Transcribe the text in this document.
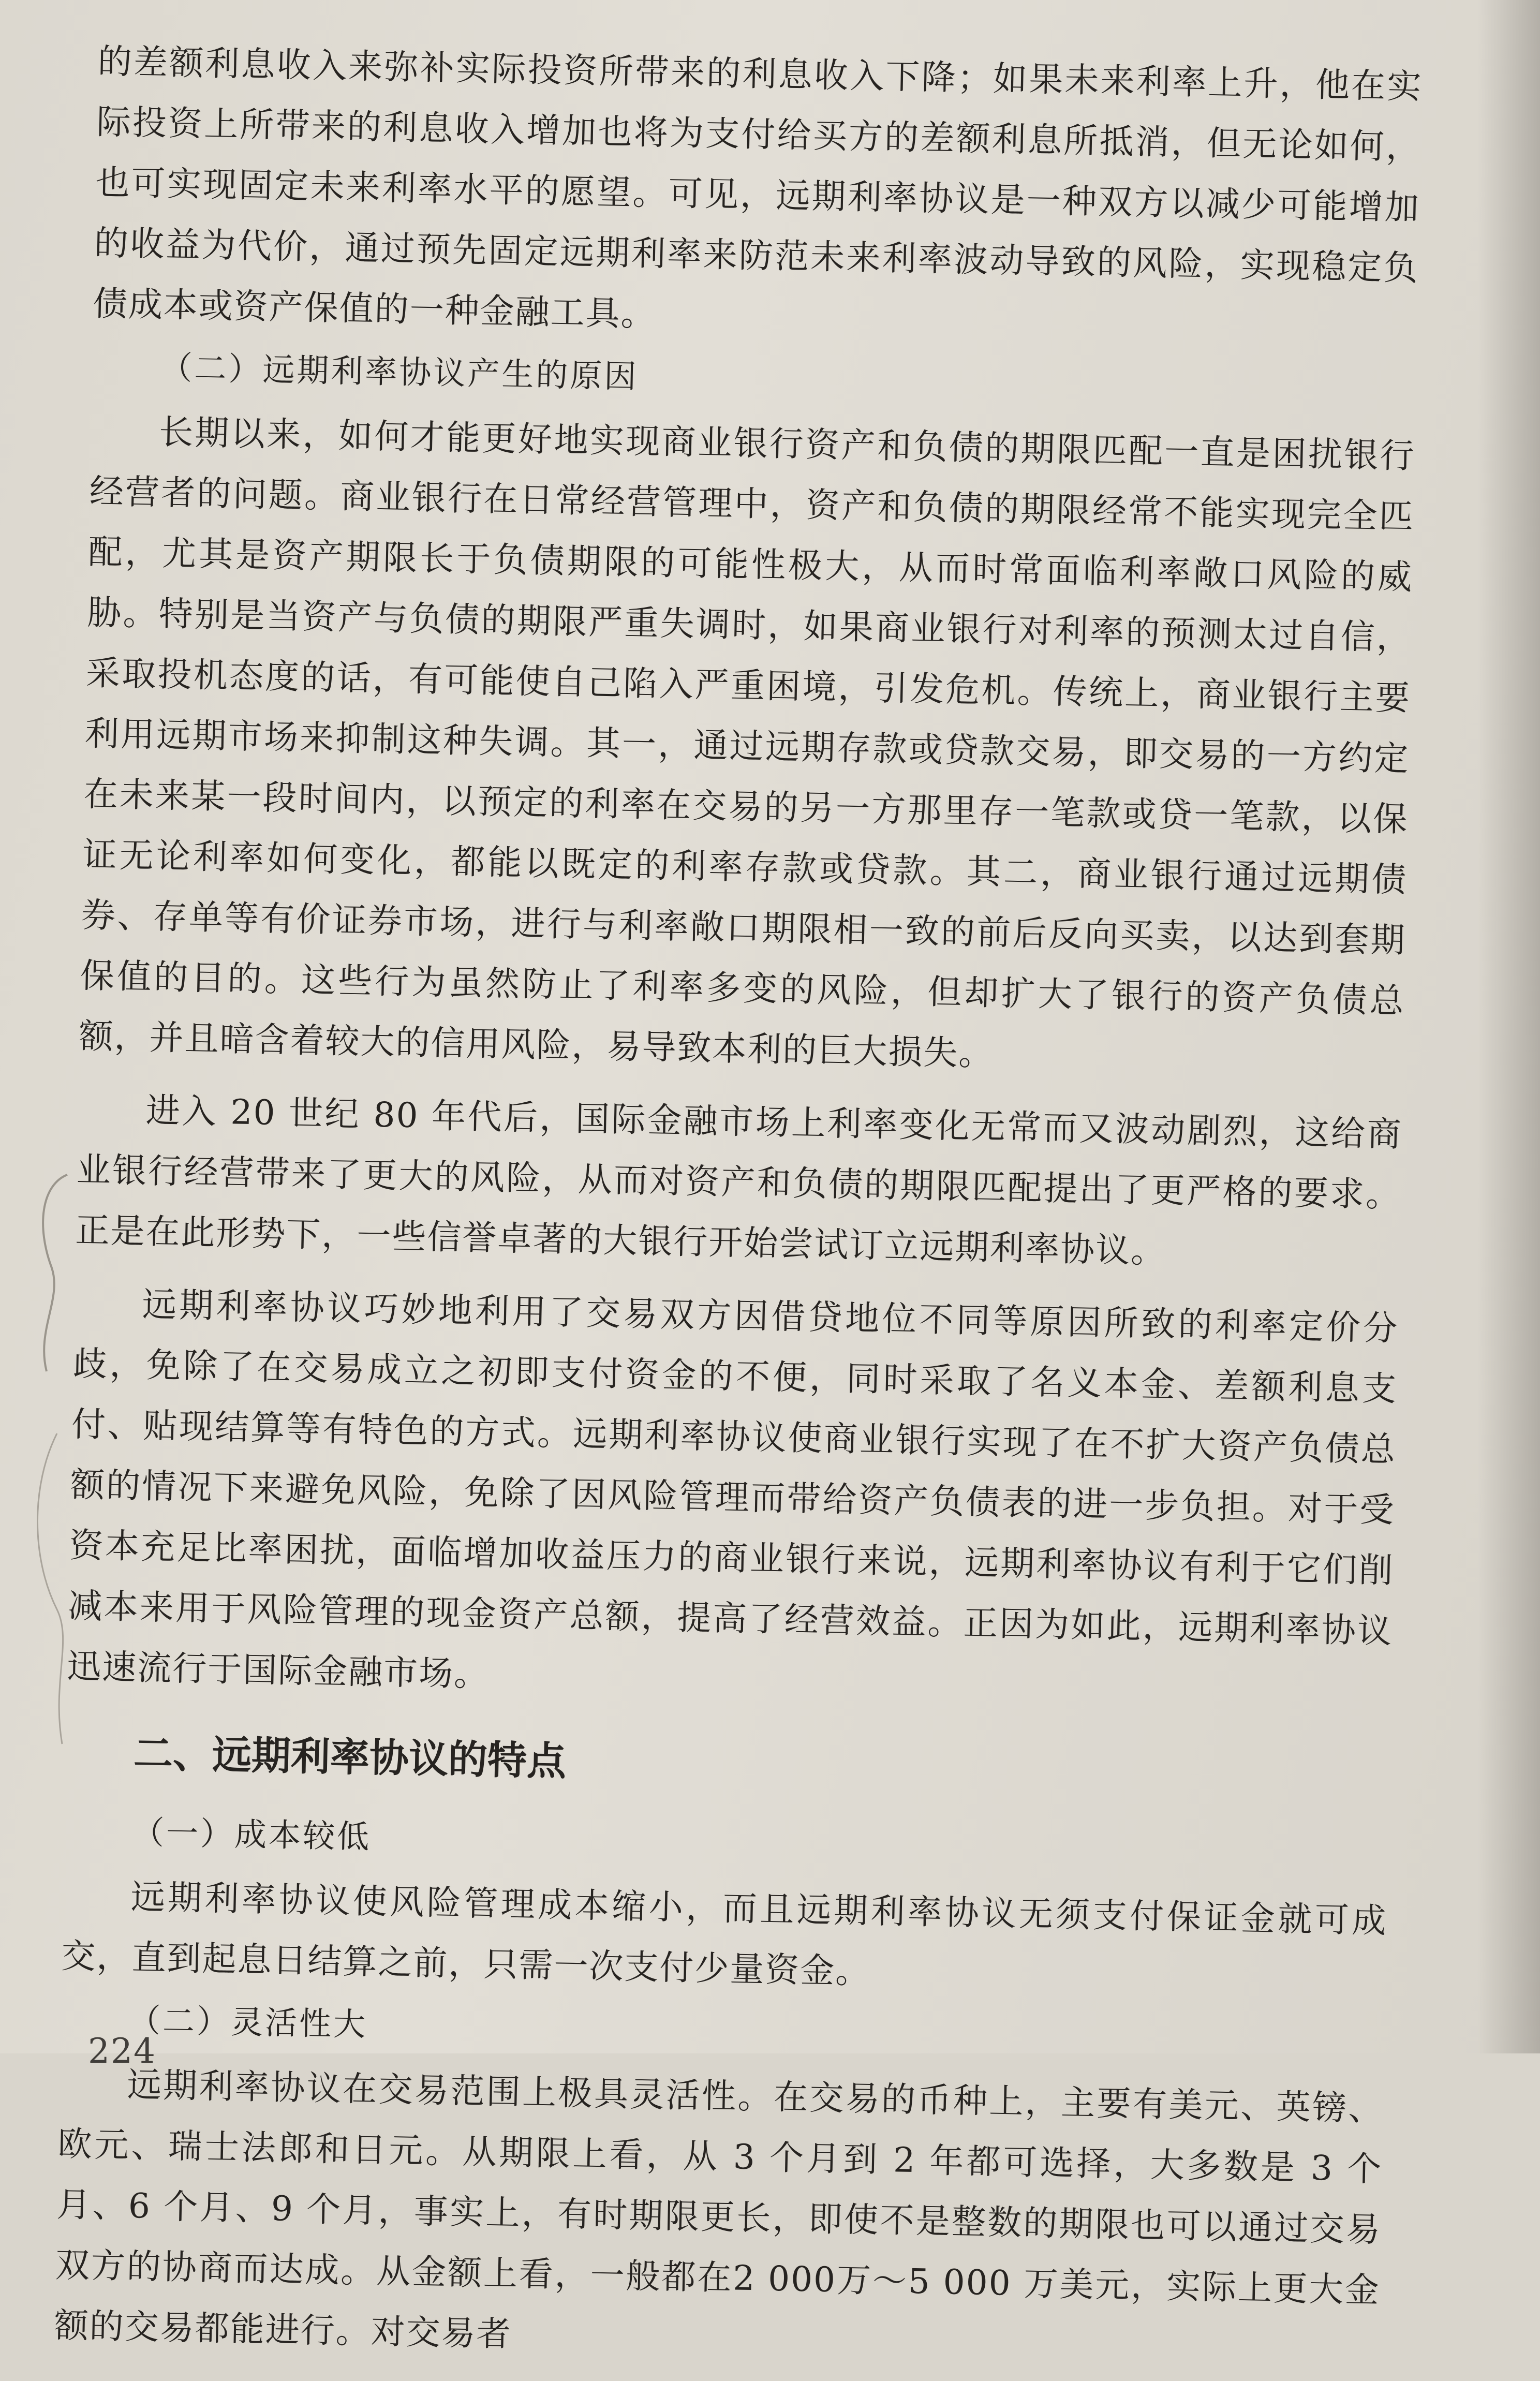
的差额利息收入来弥补实际投资所带来的利息收入下降；如果未来利率上升，他在实际投资上所带来的利息收入增加也将为支付给买方的差额利息所抵消，但无论如何，也可实现固定未来利率水平的愿望。可见，远期利率协议是一种双方以减少可能增加的收益为代价，通过预先固定远期利率来防范未来利率波动导致的风险，实现稳定负债成本或资产保值的一种金融工具。

（二）远期利率协议产生的原因

长期以来，如何才能更好地实现商业银行资产和负债的期限匹配一直是困扰银行经营者的问题。商业银行在日常经营管理中，资产和负债的期限经常不能实现完全匹配，尤其是资产期限长于负债期限的可能性极大，从而时常面临利率敞口风险的威胁。特别是当资产与负债的期限严重失调时，如果商业银行对利率的预测太过自信，采取投机态度的话，有可能使自己陷入严重困境，引发危机。传统上，商业银行主要利用远期市场来抑制这种失调。其一，通过远期存款或贷款交易，即交易的一方约定在未来某一段时间内，以预定的利率在交易的另一方那里存一笔款或贷一笔款，以保证无论利率如何变化，都能以既定的利率存款或贷款。其二，商业银行通过远期债券、存单等有价证券市场，进行与利率敞口期限相一致的前后反向买卖，以达到套期保值的目的。这些行为虽然防止了利率多变的风险，但却扩大了银行的资产负债总额，并且暗含着较大的信用风险，易导致本利的巨大损失。

进入 20 世纪 80 年代后，国际金融市场上利率变化无常而又波动剧烈，这给商业银行经营带来了更大的风险，从而对资产和负债的期限匹配提出了更严格的要求。正是在此形势下，一些信誉卓著的大银行开始尝试订立远期利率协议。

远期利率协议巧妙地利用了交易双方因借贷地位不同等原因所致的利率定价分歧，免除了在交易成立之初即支付资金的不便，同时采取了名义本金、差额利息支付、贴现结算等有特色的方式。远期利率协议使商业银行实现了在不扩大资产负债总额的情况下来避免风险，免除了因风险管理而带给资产负债表的进一步负担。对于受资本充足比率困扰，面临增加收益压力的商业银行来说，远期利率协议有利于它们削减本来用于风险管理的现金资产总额，提高了经营效益。正因为如此，远期利率协议迅速流行于国际金融市场。

二、远期利率协议的特点
（一）成本较低

远期利率协议使风险管理成本缩小，而且远期利率协议无须支付保证金就可成交，直到起息日结算之前，只需一次支付少量资金。

（二）灵活性大

远期利率协议在交易范围上极具灵活性。在交易的币种上，主要有美元、英镑、欧元、瑞士法郎和日元。从期限上看，从 3 个月到 2 年都可选择，大多数是 3 个月、6 个月、9 个月，事实上，有时期限更长，即使不是整数的期限也可以通过交易双方的协商而达成。从金额上看，一般都在2 000万～5 000 万美元，实际上更大金额的交易都能进行。对交易者

224
